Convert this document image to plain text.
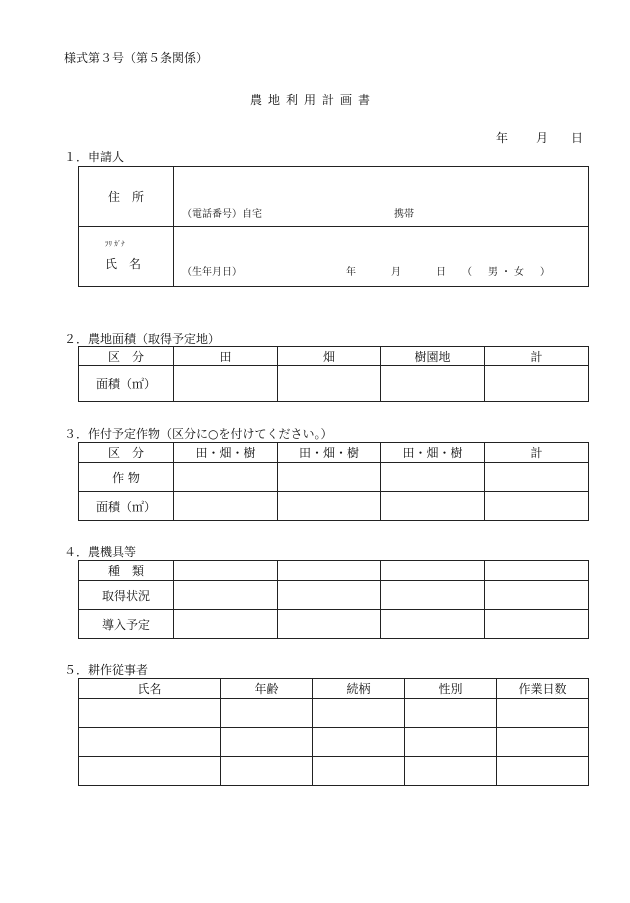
様式第３号（第５条関係）
農地利用計画書
年 月 日
１．申請人
住　所	（電話番号）自宅 携帯

ﾌﾘ ｶﾞﾅ
氏　名	（生年月日） 年 月 日 （　男・女　）
２．農地面積（取得予定地）
区　分	田	畑	樹園地	計
面積（㎡）				
３．作付予定作物（区分に○を付けてください。）
区　分	田・畑・樹	田・畑・樹	田・畑・樹	計
作 物				
面積（㎡）				
４．農機具等
種　類				
取得状況				
導入予定				
５．耕作従事者
氏名	年齢	続柄	性別	作業日数
